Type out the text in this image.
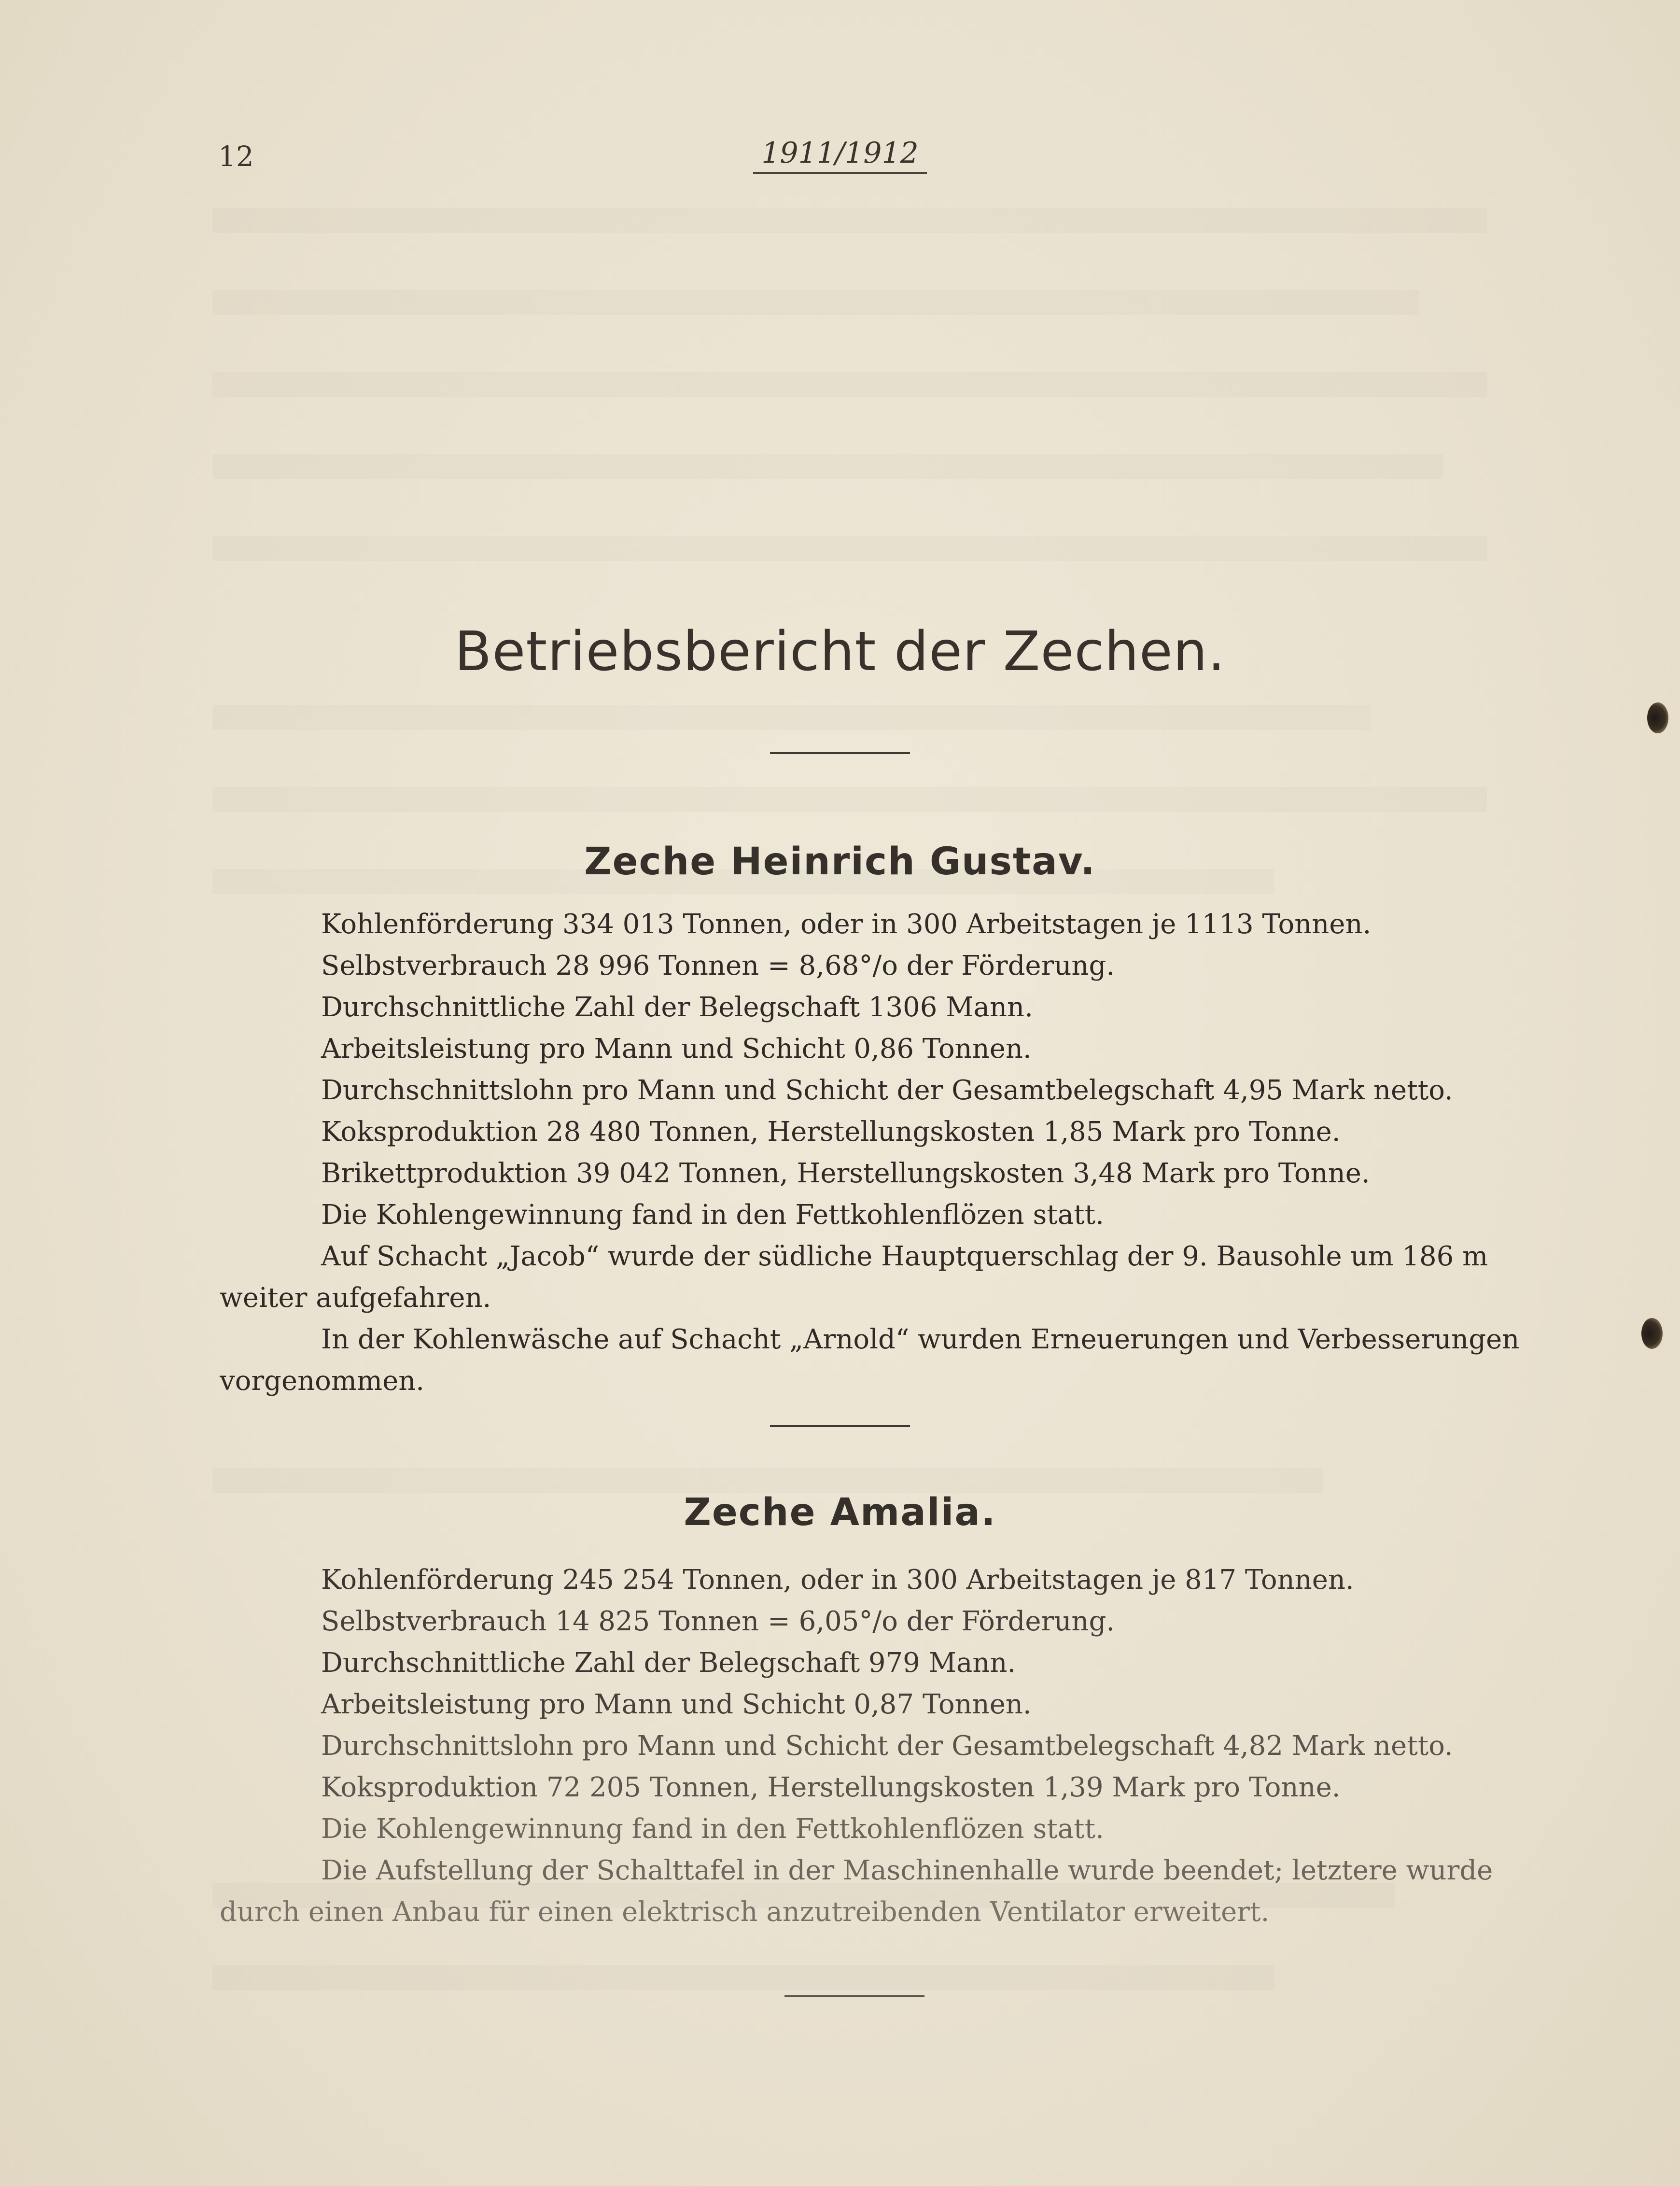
12	1911/1912
Betriebsbericht der Zechen.
Zeche Heinrich Gustav.
Kohlenförderung 334 013 Tonnen, oder in 300 Arbeitstagen je 1113 Tonnen.
Selbstverbrauch 28 996 Tonnen = 8,68°/o der Förderung.
Durchschnittliche Zahl der Belegschaft 1306 Mann.
Arbeitsleistung pro Mann und Schicht 0,86 Tonnen.
Durchschnittslohn pro Mann und Schicht der Gesamtbelegschaft 4,95 Mark netto.
Koksproduktion 28 480 Tonnen, Herstellungskosten 1,85 Mark pro Tonne.
Brikettproduktion 39 042 Tonnen, Herstellungskosten 3,48 Mark pro Tonne.
Die Kohlengewinnung fand in den Fettkohlenflözen statt.
Auf Schacht „Jacob“ wurde der südliche Hauptquerschlag der 9. Bausohle um 186 m
weiter aufgefahren.
In der Kohlenwäsche auf Schacht „Arnold“ wurden Erneuerungen und Verbesserungen
vorgenommen.
Zeche Amalia.
Kohlenförderung 245 254 Tonnen, oder in 300 Arbeitstagen je 817 Tonnen.
Selbstverbrauch 14 825 Tonnen = 6,05°/o der Förderung.
Durchschnittliche Zahl der Belegschaft 979 Mann.
Arbeitsleistung pro Mann und Schicht 0,87 Tonnen.
Durchschnittslohn pro Mann und Schicht der Gesamtbelegschaft 4,82 Mark netto.
Koksproduktion 72 205 Tonnen, Herstellungskosten 1,39 Mark pro Tonne.
Die Kohlengewinnung fand in den Fettkohlenflözen statt.
Die Aufstellung der Schalttafel in der Maschinenhalle wurde beendet; letztere wurde
durch einen Anbau für einen elektrisch anzutreibenden Ventilator erweitert.
